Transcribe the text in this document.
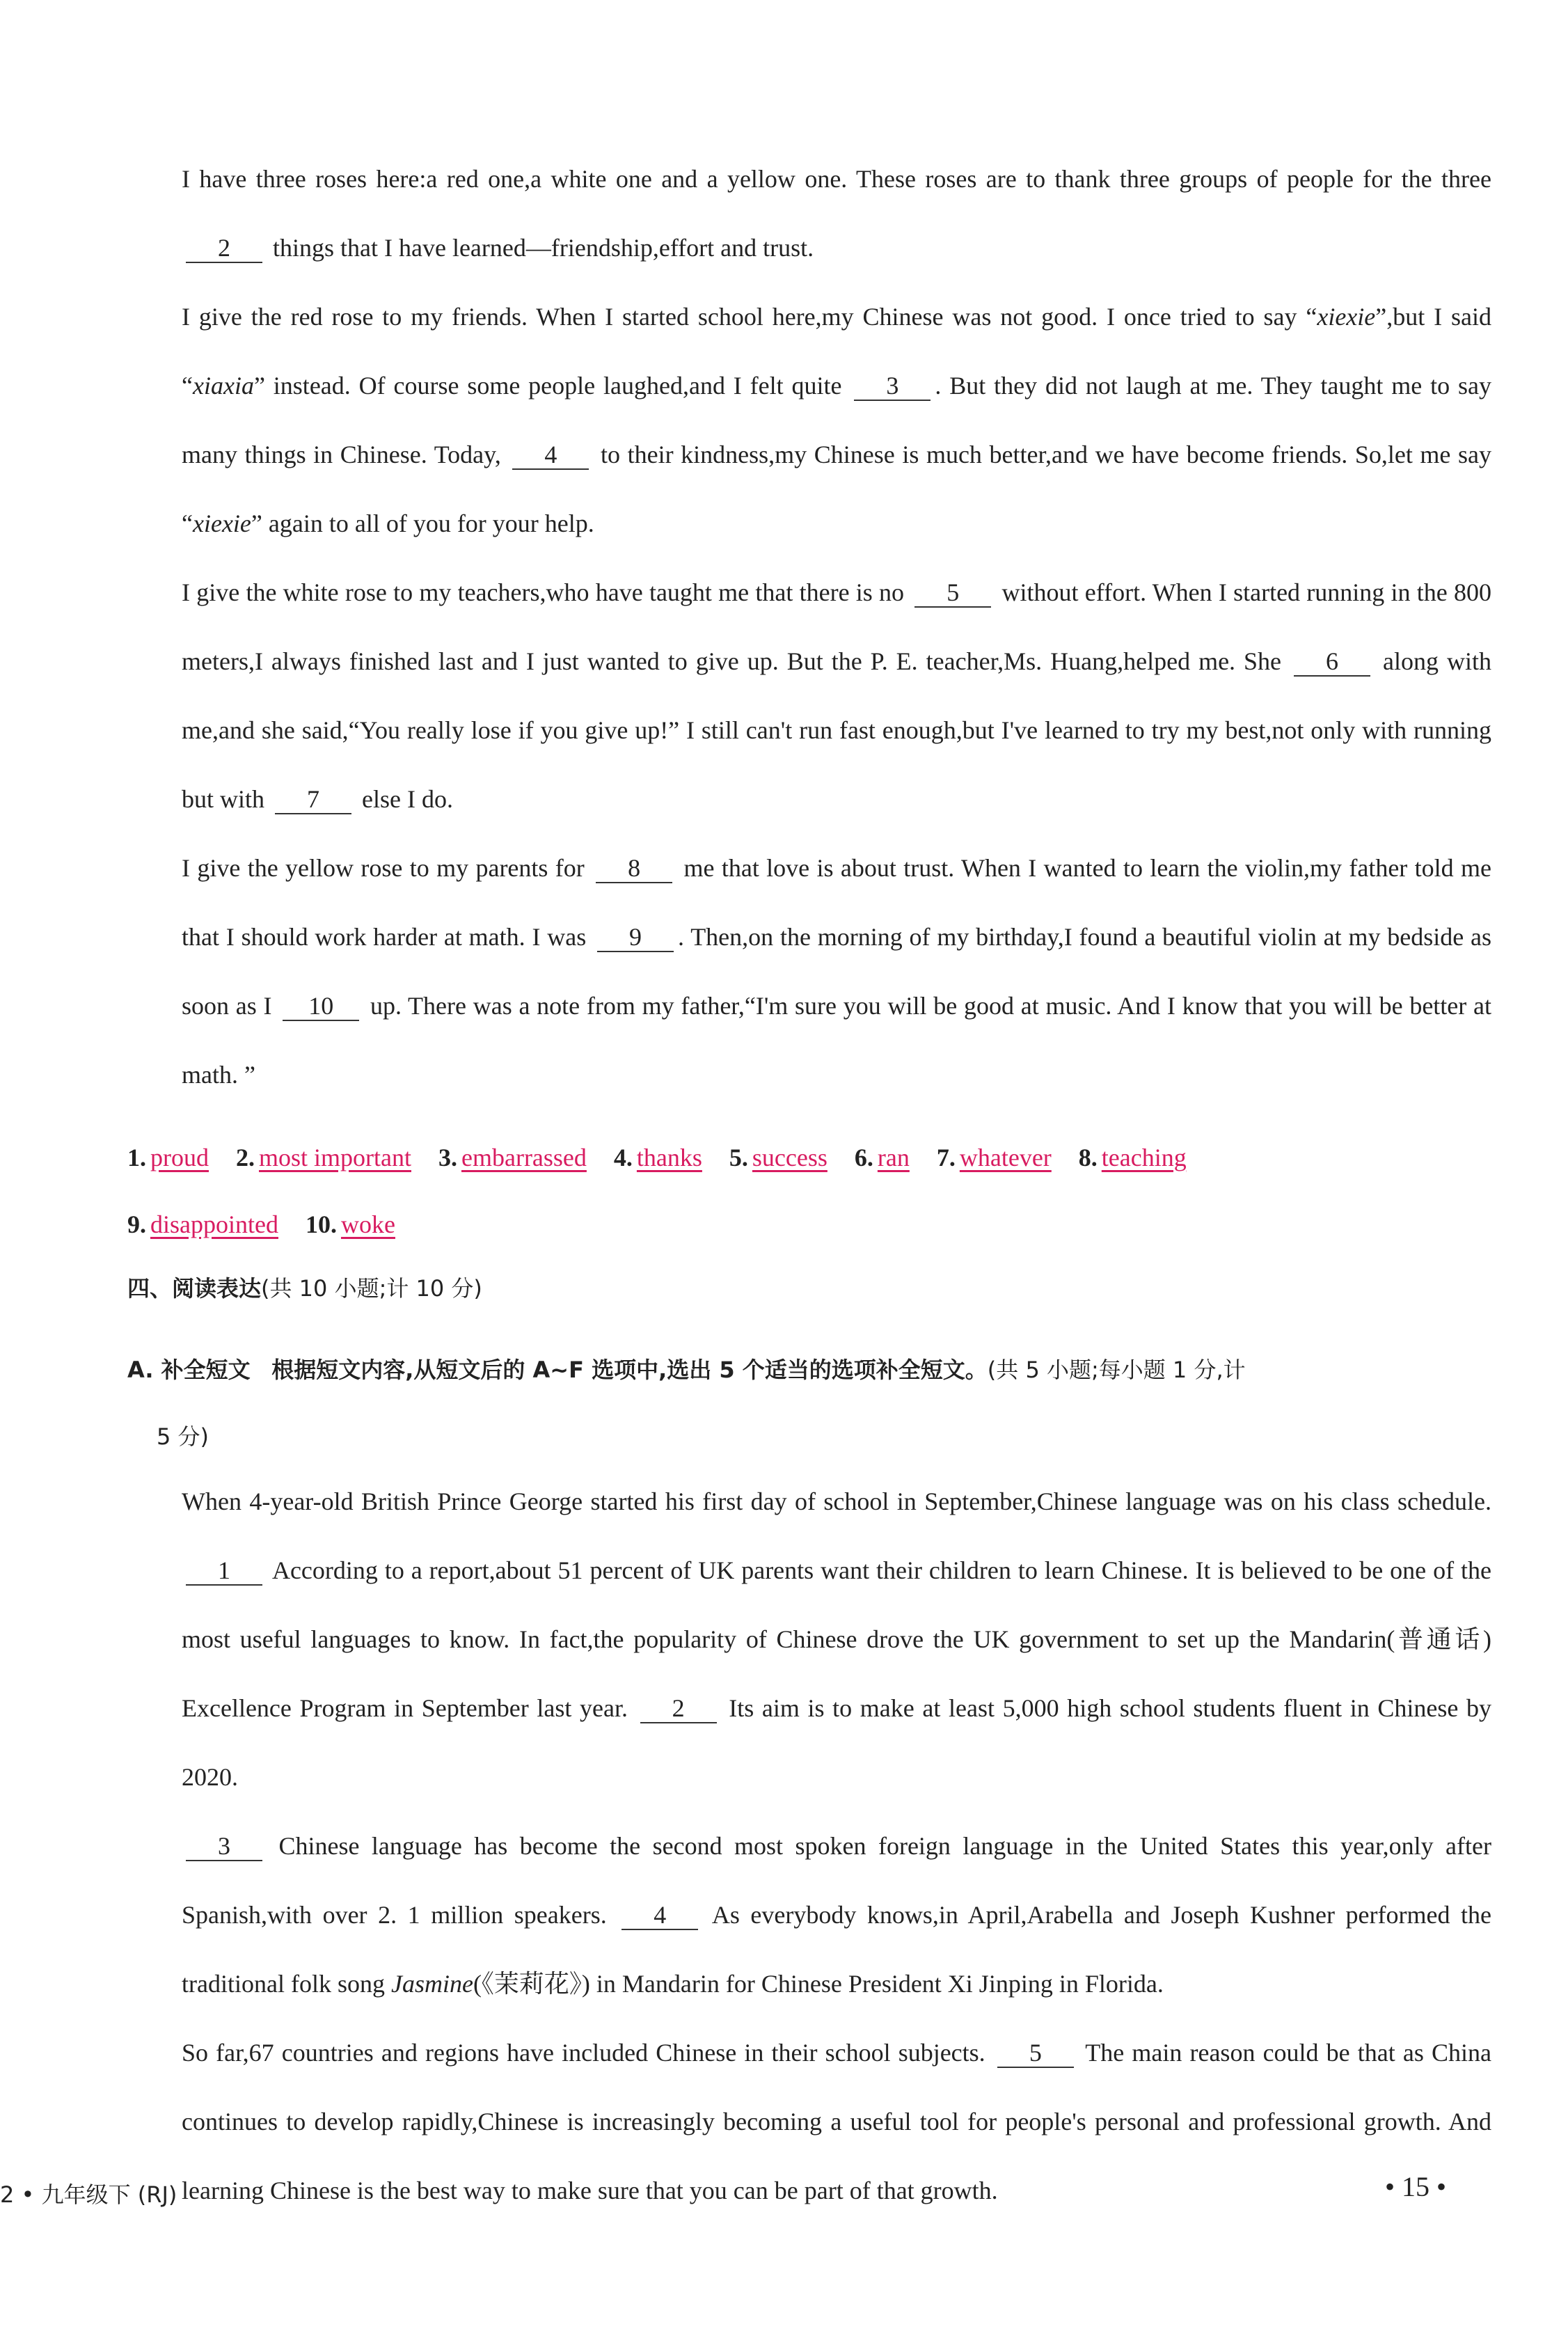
I have three roses here:a red one,a white one and a yellow one. These roses are to thank three groups of people for the three 2 things that I have learned—friendship,effort and trust.
I give the red rose to my friends. When I started school here,my Chinese was not good. I once tried to say “xiexie”,but I said “xiaxia” instead. Of course some people laughed,and I felt quite 3 . But they did not laugh at me. They taught me to say many things in Chinese. Today, 4 to their kindness,my Chinese is much better,and we have become friends. So,let me say “xiexie” again to all of you for your help.
I give the white rose to my teachers,who have taught me that there is no 5 without effort. When I started running in the 800 meters,I always finished last and I just wanted to give up. But the P. E. teacher,Ms. Huang,helped me. She 6 along with me,and she said,“You really lose if you give up!” I still can't run fast enough,but I've learned to try my best,not only with running but with 7 else I do.
I give the yellow rose to my parents for 8 me that love is about trust. When I wanted to learn the violin,my father told me that I should work harder at math. I was 9 . Then,on the morning of my birthday,I found a beautiful violin at my bedside as soon as I 10 up. There was a note from my father,“I'm sure you will be good at music. And I know that you will be better at math. ”
1. proud 2. most important 3. embarrassed 4. thanks 5. success 6. ran 7. whatever 8. teaching
9. disappointed 10. woke
四、阅读表达(共 10 小题;计 10 分)
A. 补全短文 根据短文内容,从短文后的 A~F 选项中,选出 5 个适当的选项补全短文。(共 5 小题;每小题 1 分,计
5 分)
When 4-year-old British Prince George started his first day of school in September,Chinese language was on his class schedule. 1 According to a report,about 51 percent of UK parents want their children to learn Chinese. It is believed to be one of the most useful languages to know. In fact,the popularity of Chinese drove the UK government to set up the Mandarin(普通话) Excellence Program in September last year. 2 Its aim is to make at least 5,000 high school students fluent in Chinese by 2020.
3 Chinese language has become the second most spoken foreign language in the United States this year,only after Spanish,with over 2. 1 million speakers. 4 As everybody knows,in April,Arabella and Joseph Kushner performed the traditional folk song Jasmine(《茉莉花》) in Mandarin for Chinese President Xi Jinping in Florida.
So far,67 countries and regions have included Chinese in their school subjects. 5 The main reason could be that as China continues to develop rapidly,Chinese is increasingly becoming a useful tool for people's personal and professional growth. And learning Chinese is the best way to make sure that you can be part of that growth.
2 • 九年级下 (RJ)	• 15 •
